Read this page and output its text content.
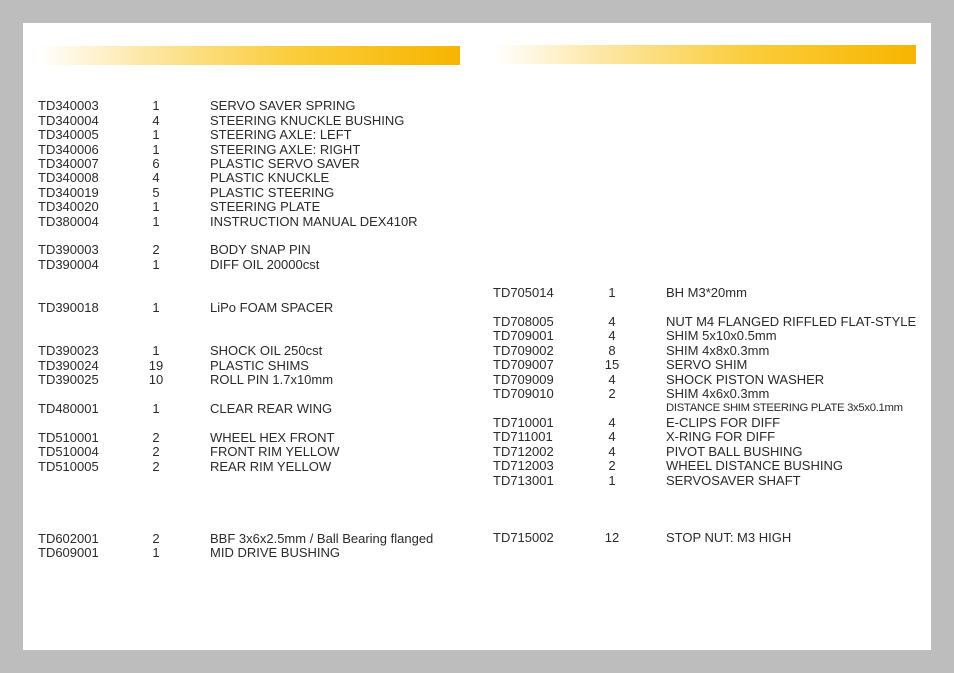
TD340003	1	SERVO SAVER SPRING
TD340004	4	STEERING KNUCKLE BUSHING
TD340005	1	STEERING AXLE: LEFT
TD340006	1	STEERING AXLE: RIGHT
TD340007	6	PLASTIC SERVO SAVER
TD340008	4	PLASTIC KNUCKLE
TD340019	5	PLASTIC STEERING
TD340020	1	STEERING PLATE
TD380004	1	INSTRUCTION MANUAL DEX410R
TD390003	2	BODY SNAP PIN
TD390004	1	DIFF OIL 20000cst
TD390018	1	LiPo FOAM SPACER
TD390023	1	SHOCK OIL 250cst
TD390024	19	PLASTIC SHIMS
TD390025	10	ROLL PIN 1.7x10mm
TD480001	1	CLEAR REAR WING
TD510001	2	WHEEL HEX FRONT
TD510004	2	FRONT RIM YELLOW
TD510005	2	REAR RIM YELLOW
TD602001	2	BBF 3x6x2.5mm / Ball Bearing flanged
TD609001	1	MID DRIVE BUSHING
TD705014	1	BH M3*20mm
TD708005	4	NUT M4 FLANGED RIFFLED FLAT-STYLE
TD709001	4	SHIM 5x10x0.5mm
TD709002	8	SHIM 4x8x0.3mm
TD709007	15	SERVO SHIM
TD709009	4	SHOCK PISTON WASHER
TD709010	2	SHIM 4x6x0.3mm
DISTANCE SHIM STEERING PLATE 3x5x0.1mm
TD710001	4	E-CLIPS FOR DIFF
TD711001	4	X-RING FOR DIFF
TD712002	4	PIVOT BALL BUSHING
TD712003	2	WHEEL DISTANCE BUSHING
TD713001	1	SERVOSAVER SHAFT
TD715002	12	STOP NUT: M3 HIGH
